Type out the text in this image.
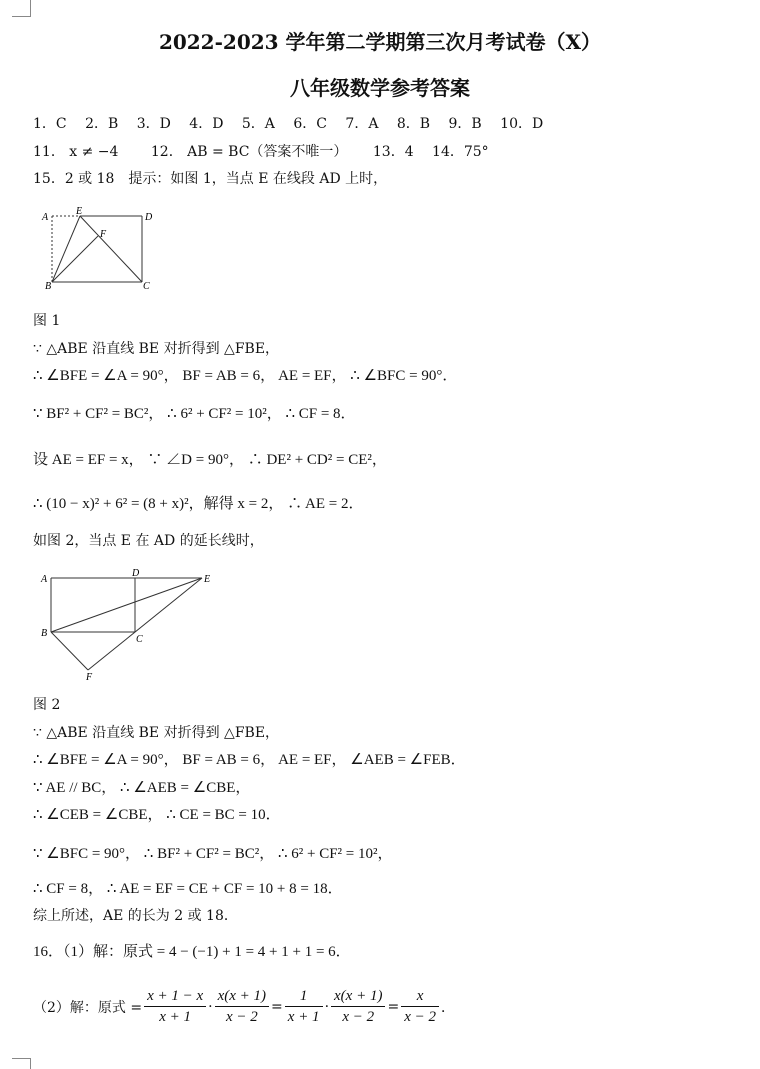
2022-2023 学年第二学期第三次月考试卷（X）
八年级数学参考答案
1．C　 2．B　 3．D　 4．D　 5．A　 6．C　 7．A　 8．B　 9．B　 10．D
11． x ≠ −4　　 12． AB = BC（答案不唯一）　　 13．4　 14．75°
15．2 或 18　提示：如图 1，当点 E 在线段 AD 上时，
A
E
D
F
B	C
图 1
∵ △ABE 沿直线 BE 对折得到 △FBE，
∴ ∠BFE = ∠A = 90°， BF = AB = 6， AE = EF， ∴ ∠BFC = 90°．
∵ BF² + CF² = BC²， ∴ 6² + CF² = 10²， ∴ CF = 8．
设 AE = EF = x， ∵ ∠D = 90°， ∴ DE² + CD² = CE²，
∴ (10 − x)² + 6² = (8 + x)²，解得 x = 2， ∴ AE = 2．
如图 2，当点 E 在 AD 的延长线时，
A
D
E
B
C
F
图 2
∵ △ABE 沿直线 BE 对折得到 △FBE，
∴ ∠BFE = ∠A = 90°， BF = AB = 6， AE = EF， ∠AEB = ∠FEB．
∵ AE // BC， ∴ ∠AEB = ∠CBE，
∴ ∠CEB = ∠CBE， ∴ CE = BC = 10．
∵ ∠BFC = 90°， ∴ BF² + CF² = BC²， ∴ 6² + CF² = 10²，
∴ CF = 8， ∴ AE = EF = CE + CF = 10 + 8 = 18．
综上所述，AE 的长为 2 或 18．
16．（1）解：原式 = 4 − (−1) + 1 = 4 + 1 + 1 = 6．
（2）解：原式 = $\frac{x + 1 - x}{x + 1} \cdot \frac{x(x + 1)}{x - 2} = \frac{1}{x + 1} \cdot \frac{x(x + 1)}{x - 2} = \frac{x}{x - 2}$ ．
